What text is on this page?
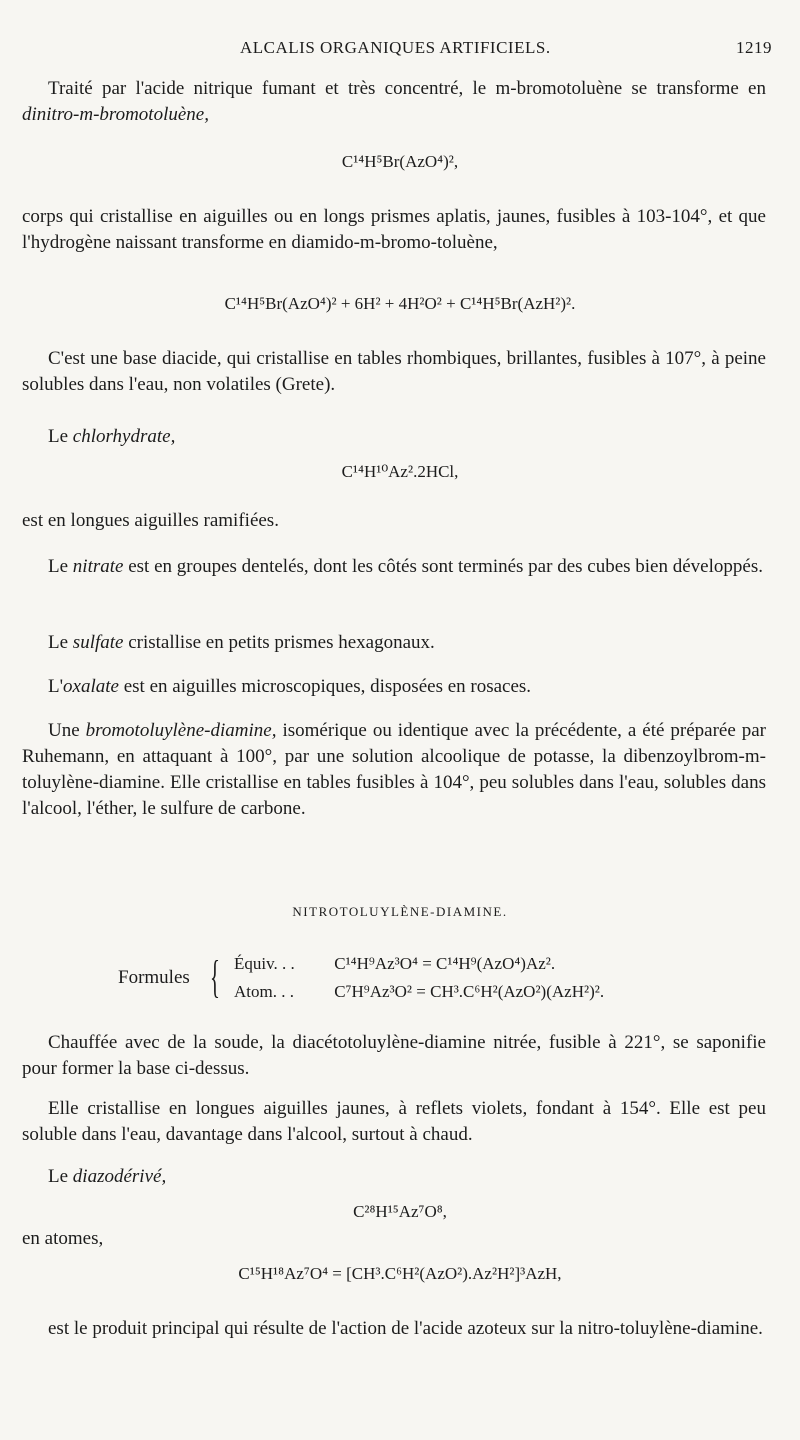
ALCALIS ORGANIQUES ARTIFICIELS.	1219
Traité par l'acide nitrique fumant et très concentré, le m-bromotoluène se transforme en dinitro-m-bromotoluène,
C¹⁴H⁵Br(AzO⁴)²,
corps qui cristallise en aiguilles ou en longs prismes aplatis, jaunes, fusibles à 103-104°, et que l'hydrogène naissant transforme en diamido-m-bromo-toluène,
C¹⁴H⁵Br(AzO⁴)² + 6H² + 4H²O² + C¹⁴H⁵Br(AzH²)².
C'est une base diacide, qui cristallise en tables rhombiques, brillantes, fusibles à 107°, à peine solubles dans l'eau, non volatiles (Grete).
Le chlorhydrate,
C¹⁴H¹⁰Az².2HCl,
est en longues aiguilles ramifiées.
Le nitrate est en groupes dentelés, dont les côtés sont terminés par des cubes bien développés.
Le sulfate cristallise en petits prismes hexagonaux.
L'oxalate est en aiguilles microscopiques, disposées en rosaces.
Une bromotoluylène-diamine, isomérique ou identique avec la précédente, a été préparée par Ruhemann, en attaquant à 100°, par une solution alcoolique de potasse, la dibenzoylbrom-m-toluylène-diamine. Elle cristallise en tables fusibles à 104°, peu solubles dans l'eau, solubles dans l'alcool, l'éther, le sulfure de carbone.
NITROTOLUYLÈNE-DIAMINE.
Formules { Équiv. . . C¹⁴H⁹Az³O⁴ = C¹⁴H⁹(AzO⁴)Az².
Atom. . . C⁷H⁹Az³O² = CH³.C⁶H²(AzO²)(AzH²)².
Chauffée avec de la soude, la diacétotoluylène-diamine nitrée, fusible à 221°, se saponifie pour former la base ci-dessus.
Elle cristallise en longues aiguilles jaunes, à reflets violets, fondant à 154°. Elle est peu soluble dans l'eau, davantage dans l'alcool, surtout à chaud.
Le diazodérivé,
C²⁸H¹⁵Az⁷O⁸,
en atomes,
C¹⁵H¹⁸Az⁷O⁴ = [CH³.C⁶H²(AzO²).Az²H²]³AzH,
est le produit principal qui résulte de l'action de l'acide azoteux sur la nitro-toluylène-diamine.
